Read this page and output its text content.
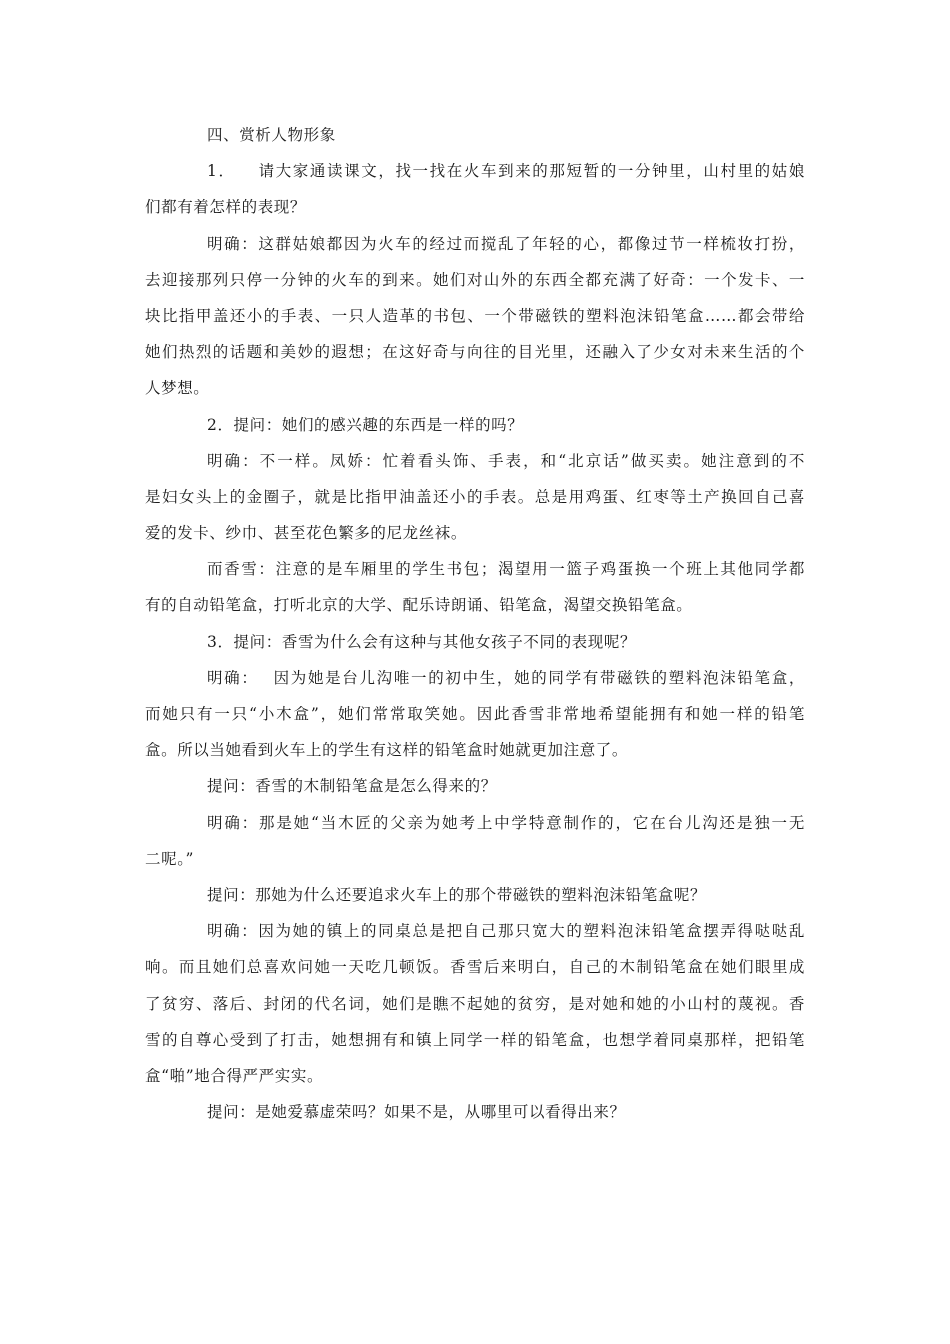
四、赏析人物形象
1． 请大家通读课文，找一找在火车到来的那短暂的一分钟里，山村里的姑娘
们都有着怎样的表现？
明确：这群姑娘都因为火车的经过而搅乱了年轻的心，都像过节一样梳妆打扮，
去迎接那列只停一分钟的火车的到来。她们对山外的东西全都充满了好奇：一个发卡、一
块比指甲盖还小的手表、一只人造革的书包、一个带磁铁的塑料泡沫铅笔盒……都会带给
她们热烈的话题和美妙的遐想；在这好奇与向往的目光里，还融入了少女对未来生活的个
人梦想。
2．提问：她们的感兴趣的东西是一样的吗？
明确：不一样。凤娇：忙着看头饰、手表，和“北京话”做买卖。她注意到的不
是妇女头上的金圈子，就是比指甲油盖还小的手表。总是用鸡蛋、红枣等土产换回自己喜
爱的发卡、纱巾、甚至花色繁多的尼龙丝袜。
而香雪：注意的是车厢里的学生书包；渴望用一篮子鸡蛋换一个班上其他同学都
有的自动铅笔盒，打听北京的大学、配乐诗朗诵、铅笔盒，渴望交换铅笔盒。
3．提问：香雪为什么会有这种与其他女孩子不同的表现呢？
明确： 因为她是台儿沟唯一的初中生，她的同学有带磁铁的塑料泡沫铅笔盒，
而她只有一只“小木盒”，她们常常取笑她。因此香雪非常地希望能拥有和她一样的铅笔
盒。所以当她看到火车上的学生有这样的铅笔盒时她就更加注意了。
提问：香雪的木制铅笔盒是怎么得来的？
明确：那是她“当木匠的父亲为她考上中学特意制作的，它在台儿沟还是独一无
二呢。”
提问：那她为什么还要追求火车上的那个带磁铁的塑料泡沫铅笔盒呢？
明确：因为她的镇上的同桌总是把自己那只宽大的塑料泡沫铅笔盒摆弄得哒哒乱
响。而且她们总喜欢问她一天吃几顿饭。香雪后来明白，自己的木制铅笔盒在她们眼里成
了贫穷、落后、封闭的代名词，她们是瞧不起她的贫穷，是对她和她的小山村的蔑视。香
雪的自尊心受到了打击，她想拥有和镇上同学一样的铅笔盒，也想学着同桌那样，把铅笔
盒“啪”地合得严严实实。
提问：是她爱慕虚荣吗？如果不是，从哪里可以看得出来？
